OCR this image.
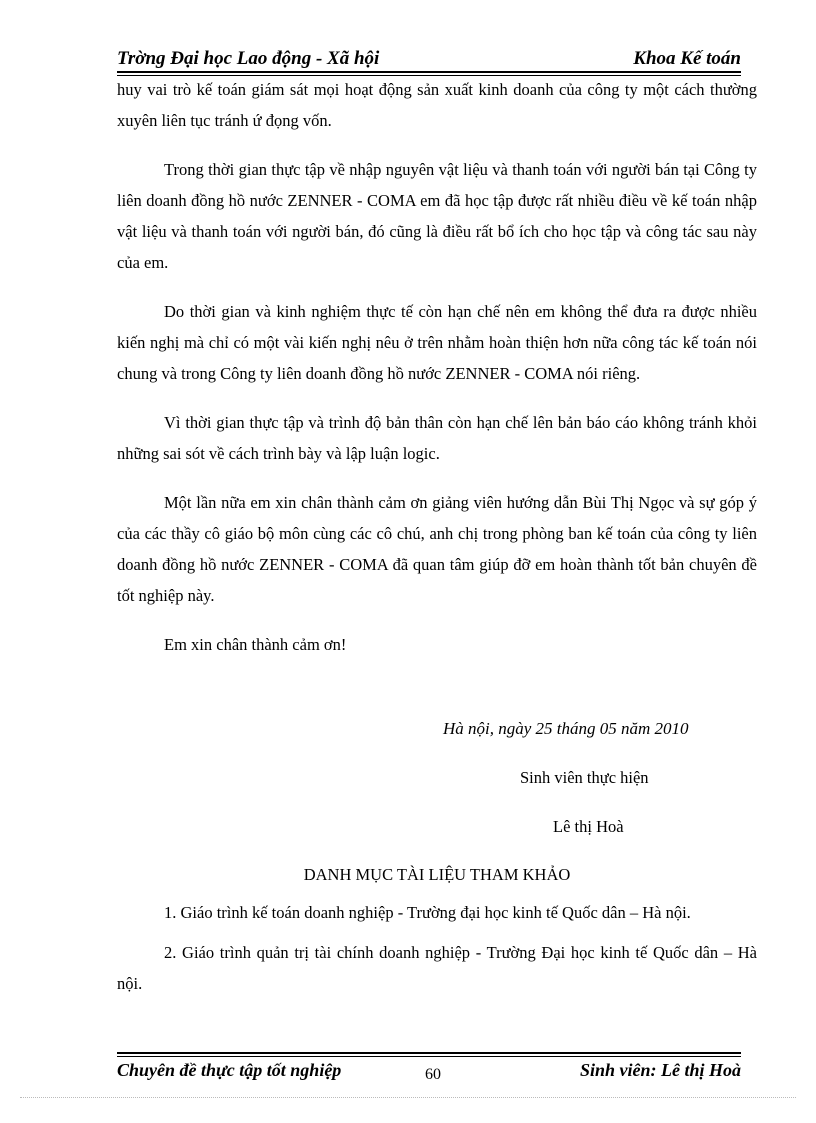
Trờng Đại học Lao động - Xã hội	Khoa Kế toán

huy vai trò kế toán giám sát mọi hoạt động sản xuất kinh doanh của công ty một cách thường xuyên liên tục tránh ứ đọng vốn.

Trong thời gian thực tập về nhập nguyên vật liệu và thanh toán với người bán tại Công ty liên doanh đồng hồ nước ZENNER - COMA em đã học tập được rất nhiều điều về kế toán nhập vật liệu và thanh toán với người bán, đó cũng là điều rất bổ ích cho học tập và công tác sau này của em.

Do thời gian và kinh nghiệm thực tế còn hạn chế nên em không thể đưa ra được nhiều kiến nghị mà chỉ có một vài kiến nghị nêu ở trên nhằm hoàn thiện hơn nữa công tác kế toán nói chung và trong Công ty liên doanh đồng hồ nước ZENNER - COMA nói riêng.

Vì thời gian thực tập và trình độ bản thân còn hạn chế lên bản báo cáo không tránh khỏi những sai sót về cách trình bày và lập luận logic.

Một lần nữa em xin chân thành cảm ơn giảng viên hướng dẫn Bùi Thị Ngọc và sự góp ý của các thầy cô giáo bộ môn cùng các cô chú, anh chị trong phòng ban kế toán của công ty liên doanh đồng hồ nước ZENNER - COMA đã quan tâm giúp đỡ em hoàn thành tốt bản chuyên đề tốt nghiệp này.

Em xin chân thành cảm ơn!

Hà nội, ngày 25 tháng 05 năm 2010
Sinh viên thực hiện
Lê thị Hoà
DANH MỤC TÀI LIỆU THAM KHẢO

1. Giáo trình kế toán doanh nghiệp - Trường đại học kinh tế Quốc dân – Hà nội.

2. Giáo trình quản trị tài chính doanh nghiệp - Trường Đại học kinh tế Quốc dân – Hà nội.

Chuyên đề thực tập tốt nghiệp	Sinh viên: Lê thị Hoà
60
